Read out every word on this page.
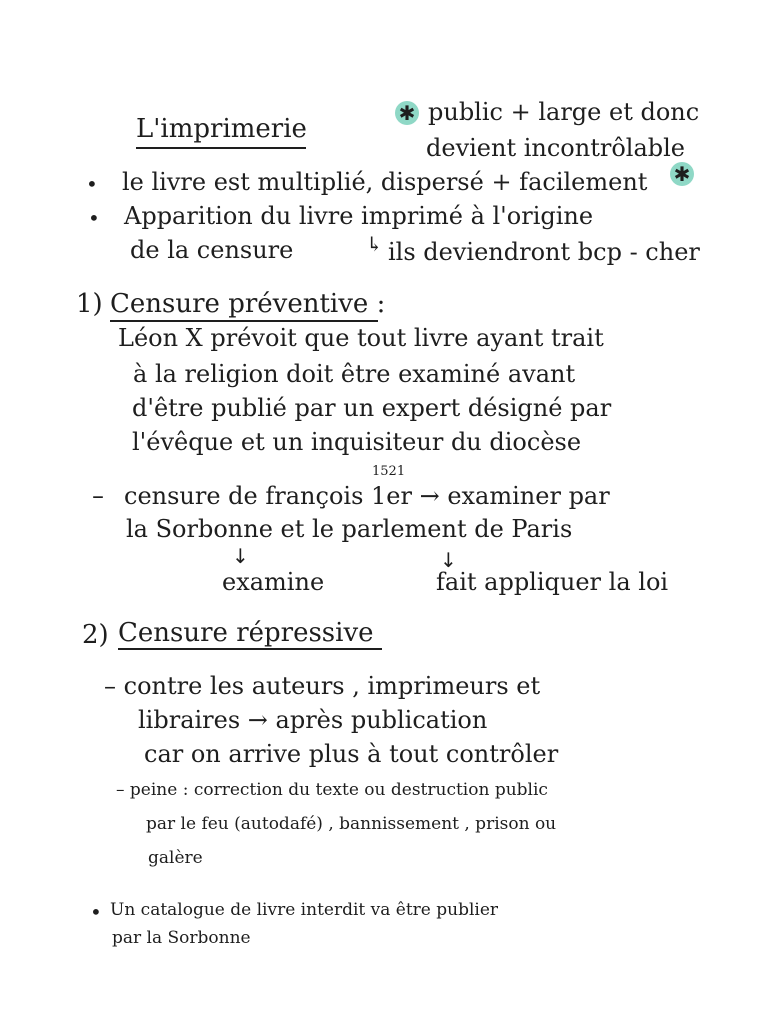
L'imprimerie
✱ public + large et donc
devient incontrôlable
• le livre est multiplié, dispersé + facilement ✱
• Apparition du livre imprimé à l'origine
de la censure	↳ ils deviendront bcp - cher
1) Censure préventive :
Léon X prévoit que tout livre ayant trait
à la religion doit être examiné avant
d'être publié par un expert désigné par
l'évêque et un inquisiteur du diocèse
1521
– censure de françois 1er → examiner par
la Sorbonne et le parlement de Paris
↓	↓
examine	fait appliquer la loi
2) Censure répressive
– contre les auteurs , imprimeurs et
libraires → après publication
car on arrive plus à tout contrôler
– peine : correction du texte ou destruction public
par le feu (autodafé) , bannissement , prison ou
galère
• Un catalogue de livre interdit va être publier
par la Sorbonne
